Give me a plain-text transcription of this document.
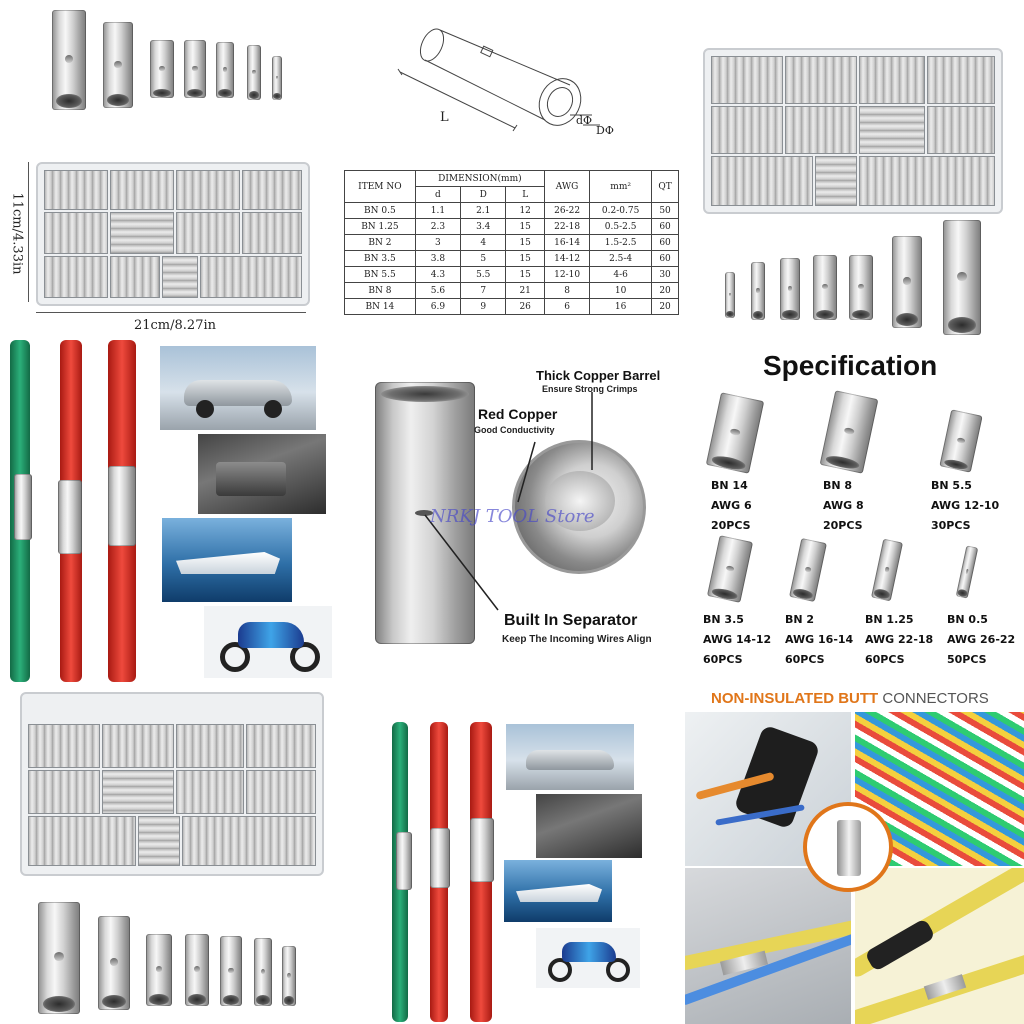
11cm/4.33in
21cm/8.27in
L	dΦ
DΦ
ITEM NO	DIMENSION(mm)			AWG	mm²	QT
	d	D	L			
BN 0.5	1.1	2.1	12	26-22	0.2-0.75	50
BN 1.25	2.3	3.4	15	22-18	0.5-2.5	60
BN 2	3	4	15	16-14	1.5-2.5	60
BN 3.5	3.8	5	15	14-12	2.5-4	60
BN 5.5	4.3	5.5	15	12-10	4-6	30
BN 8	5.6	7	21	8	10	20
BN 14	6.9	9	26	6	16	20
Thick Copper Barrel
Ensure Strong Crimps
Red Copper
Good Conductivity
Built In Separator
Keep The Incoming Wires Align
NRKJ TOOL Store
Specification
BN 14
AWG 6
20PCS
BN 8
AWG 8
20PCS
BN 5.5
AWG 12-10
30PCS
BN 3.5
AWG 14-12
60PCS
BN 2
AWG 16-14
60PCS
BN 1.25
AWG 22-18
60PCS
BN 0.5
AWG 26-22
50PCS
NON-INSULATED BUTT CONNECTORS
